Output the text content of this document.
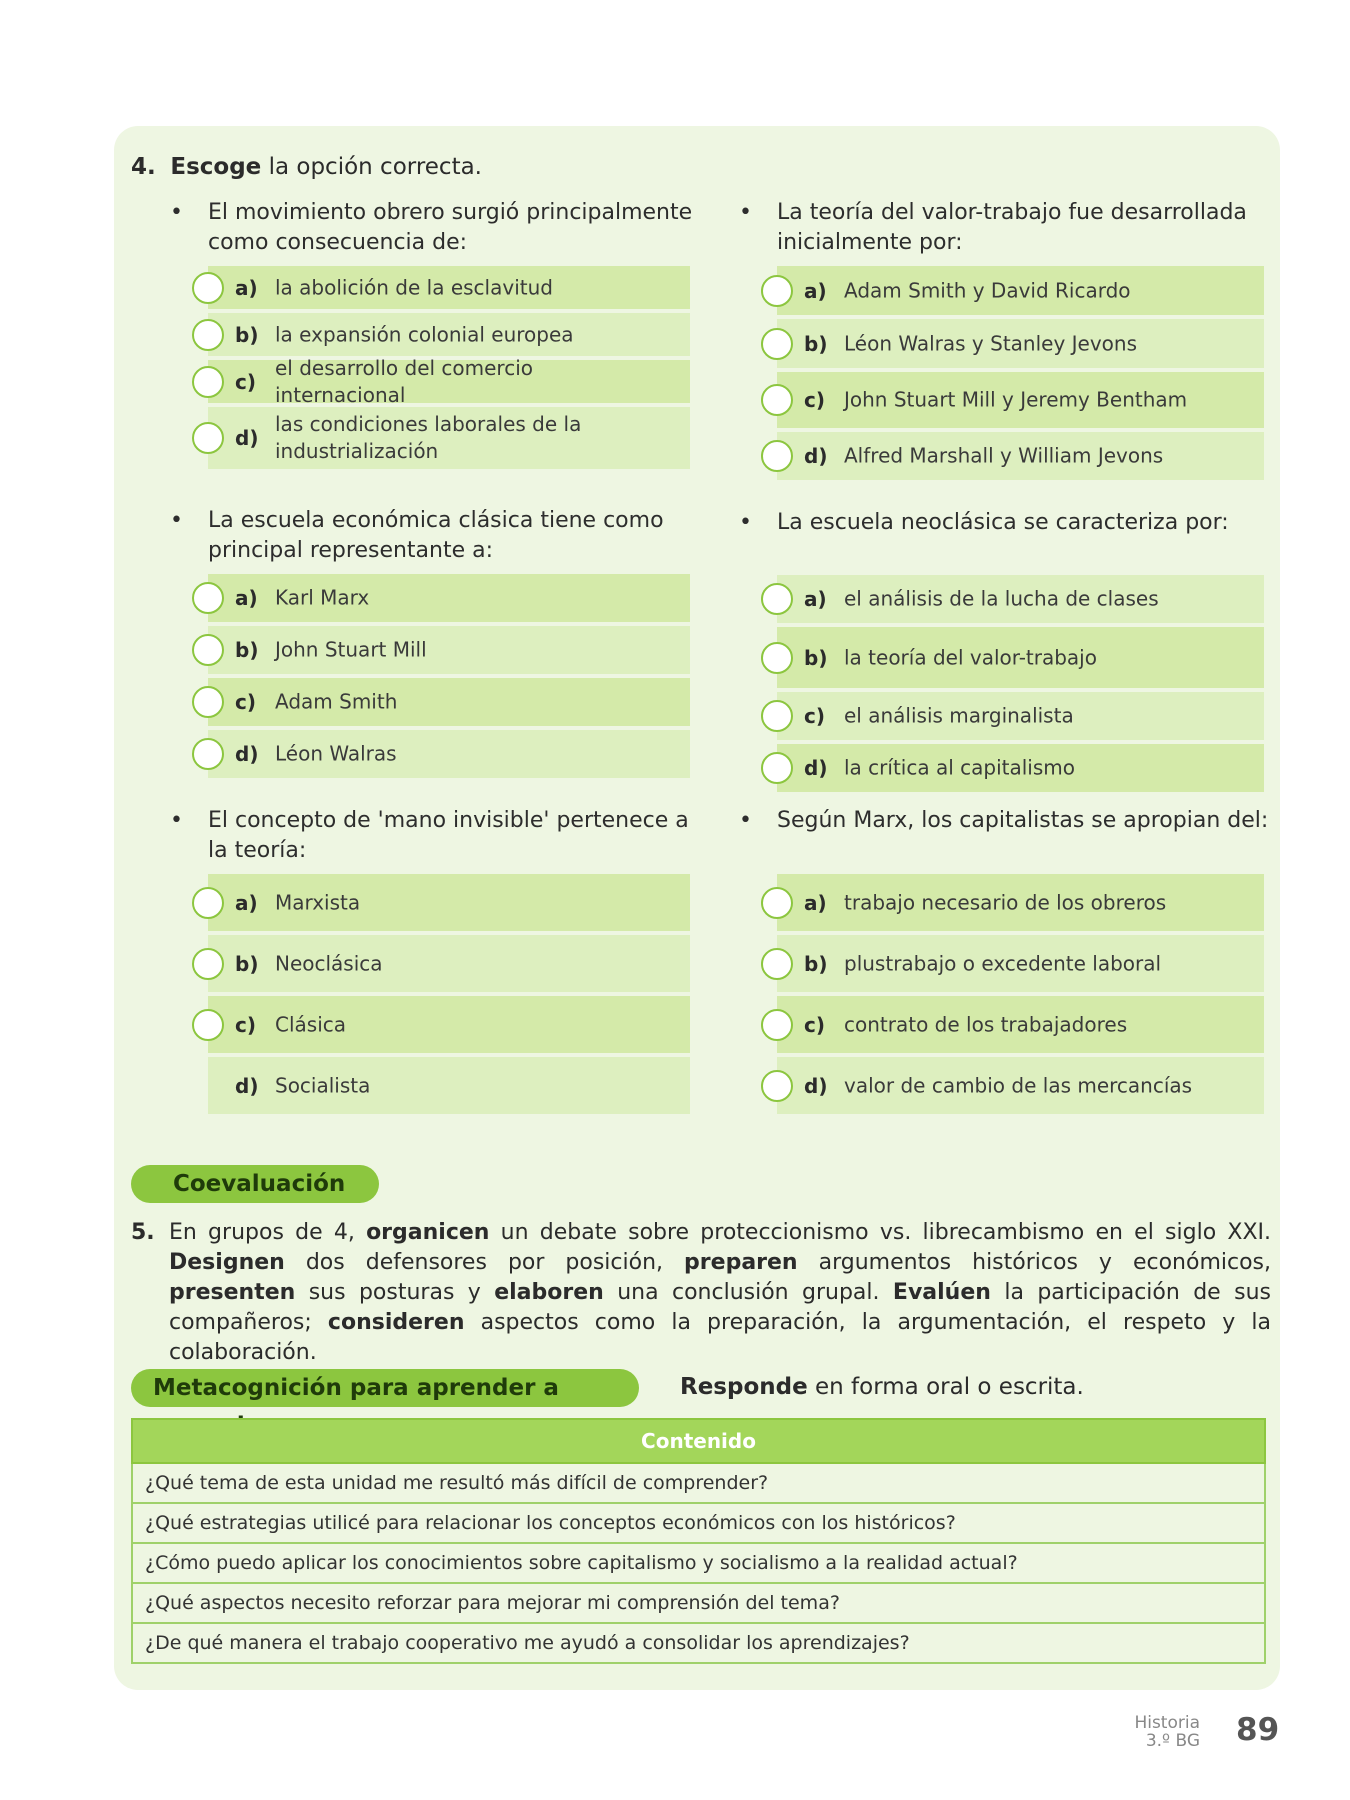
4. Escoge la opción correcta.
• El movimiento obrero surgió principalmente como consecuencia de:
a) la abolición de la esclavitud
b) la expansión colonial europea
c)
el desarrollo del comercio internacional
d)
las condiciones laborales de la industrialización
• La teoría del valor-trabajo fue desarrollada inicialmente por:
a) Adam Smith y David Ricardo
b) Léon Walras y Stanley Jevons
c) John Stuart Mill y Jeremy Bentham
d) Alfred Marshall y William Jevons
• La escuela económica clásica tiene como principal representante a:
a) Karl Marx
b) John Stuart Mill
c) Adam Smith
d) Léon Walras
• La escuela neoclásica se caracteriza por:
a) el análisis de la lucha de clases
b) la teoría del valor-trabajo
c) el análisis marginalista
d) la crítica al capitalismo
• El concepto de 'mano invisible' pertenece a la teoría:
a) Marxista
b) Neoclásica
c) Clásica
d) Socialista
• Según Marx, los capitalistas se apropian del:
a) trabajo necesario de los obreros
b) plustrabajo o excedente laboral
c) contrato de los trabajadores
d) valor de cambio de las mercancías
Coevaluación
5. En grupos de 4, organicen un debate sobre proteccionismo vs. librecambismo en el siglo XXI. Designen dos defensores por posición, preparen argumentos históricos y económicos, presenten sus posturas y elaboren una conclusión grupal. Evalúen la participación de sus compañeros; consideren aspectos como la preparación, la argumentación, el respeto y la colaboración.
Metacognición para aprender a	Responde en forma oral o escrita.
Contenido
¿Qué tema de esta unidad me resultó más difícil de comprender?
¿Qué estrategias utilicé para relacionar los conceptos económicos con los históricos?
¿Cómo puedo aplicar los conocimientos sobre capitalismo y socialismo a la realidad actual?
¿Qué aspectos necesito reforzar para mejorar mi comprensión del tema?
¿De qué manera el trabajo cooperativo me ayudó a consolidar los aprendizajes?
Historia
3.º BG 89
